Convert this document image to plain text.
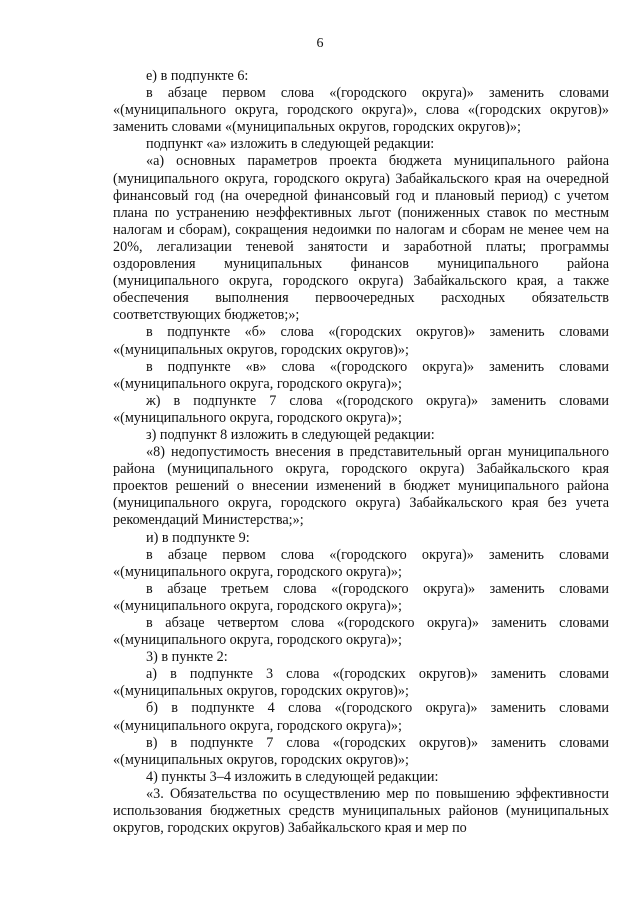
6

е) в подпункте 6:

в абзаце первом слова «(городского округа)» заменить словами «(муниципального округа, городского округа)», слова «(городских округов)» заменить словами «(муниципальных округов, городских округов)»;

подпункт «а» изложить в следующей редакции:

«а) основных параметров проекта бюджета муниципального района (муниципального округа, городского округа) Забайкальского края на очередной финансовый год (на очередной финансовый год и плановый период) с учетом плана по устранению неэффективных льгот (пониженных ставок по местным налогам и сборам), сокращения недоимки по налогам и сборам не менее чем на 20%, легализации теневой занятости и заработной платы; программы оздоровления муниципальных финансов муниципального района (муниципального округа, городского округа) Забайкальского края, а также обеспечения выполнения первоочередных расходных обязательств соответствующих бюджетов;»;

в подпункте «б» слова «(городских округов)» заменить словами «(муниципальных округов, городских округов)»;

в подпункте «в» слова «(городского округа)» заменить словами «(муниципального округа, городского округа)»;

ж) в подпункте 7 слова «(городского округа)» заменить словами «(муниципального округа, городского округа)»;

з) подпункт 8 изложить в следующей редакции:

«8) недопустимость внесения в представительный орган муниципального района (муниципального округа, городского округа) Забайкальского края проектов решений о внесении изменений в бюджет муниципального района (муниципального округа, городского округа) Забайкальского края без учета рекомендаций Министерства;»;

и) в подпункте 9:

в абзаце первом слова «(городского округа)» заменить словами «(муниципального округа, городского округа)»;

в абзаце третьем слова «(городского округа)» заменить словами «(муниципального округа, городского округа)»;

в абзаце четвертом слова «(городского округа)» заменить словами «(муниципального округа, городского округа)»;

3) в пункте 2:

а) в подпункте 3 слова «(городских округов)» заменить словами «(муниципальных округов, городских округов)»;

б) в подпункте 4 слова «(городского округа)» заменить словами «(муниципального округа, городского округа)»;

в) в подпункте 7 слова «(городских округов)» заменить словами «(муниципальных округов, городских округов)»;

4) пункты 3–4 изложить в следующей редакции:

«3. Обязательства по осуществлению мер по повышению эффективности использования бюджетных средств муниципальных районов (муниципальных округов, городских округов) Забайкальского края и мер по
